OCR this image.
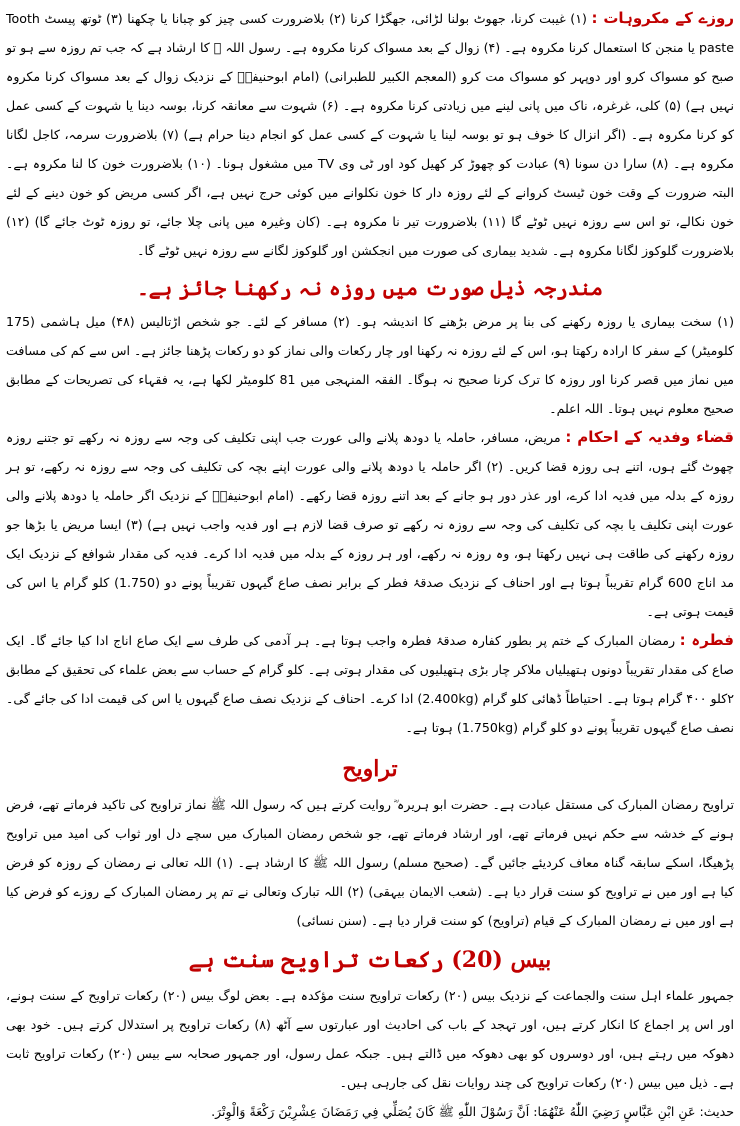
روزے کے مکروہات : (۱) غیبت کرنا، جھوٹ بولنا لڑائی، جھگڑا کرنا (۲) بلاضرورت کسی چیز کو چبانا یا چکھنا (۳) ٹوتھ پیسٹ Tooth paste یا منجن کا استعمال کرنا مکروہ ہے۔ (۴) زوال کے بعد مسواک کرنا مکروہ ہے۔ رسول اللہ ﷺ کا ارشاد ہے کہ جب تم روزہ سے ہو تو صبح کو مسواک کرو اور دوپہر کو مسواک مت کرو (المعجم الکبیر للطبرانی) (امام ابوحنیفہؒ کے نزدیک زوال کے بعد مسواک کرنا مکروہ نہیں ہے) (۵) کلی، غرغرہ، ناک میں پانی لینے میں زیادتی کرنا مکروہ ہے۔ (۶) شہوت سے معانقہ کرنا، بوسہ دینا یا شہوت کے کسی عمل کو کرنا مکروہ ہے۔ (اگر انزال کا خوف ہو تو بوسہ لینا یا شہوت کے کسی عمل کو انجام دینا حرام ہے) (۷) بلاضرورت سرمہ، کاجل لگانا مکروہ ہے۔ (۸) سارا دن سونا (۹) عبادت کو چھوڑ کر کھیل کود اور ٹی وی TV میں مشغول ہونا۔ (۱۰) بلاضرورت خون کا لنا مکروہ ہے۔ البتہ ضرورت کے وقت خون ٹیسٹ کروانے کے لئے روزہ دار کا خون نکلوانے میں کوئی حرج نہیں ہے، اگر کسی مریض کو خون دینے کے لئے خون نکالے، تو اس سے روزہ نہیں ٹوٹے گا (۱۱) بلاضرورت تیر نا مکروہ ہے۔ (کان وغیرہ میں پانی چلا جائے، تو روزہ ٹوٹ جائے گا) (۱۲) بلاضرورت گلوکوز لگانا مکروہ ہے۔ شدید بیماری کی صورت میں انجکشن اور گلوکوز لگانے سے روزہ نہیں ٹوٹے گا۔

مندرجہ ذیل صورت میں روزہ نہ رکھنا جائز ہے۔

(۱) سخت بیماری یا روزہ رکھنے کی بنا پر مرض بڑھنے کا اندیشہ ہو۔ (۲) مسافر کے لئے۔ جو شخص اڑتالیس (۴۸) میل ہاشمی (175 کلومیٹر) کے سفر کا ارادہ رکھتا ہو، اس کے لئے روزہ نہ رکھنا اور چار رکعات والی نماز کو دو رکعات پڑھنا جائز ہے۔ اس سے کم کی مسافت میں نماز میں قصر کرنا اور روزہ کا ترک کرنا صحیح نہ ہوگا۔ الفقہ المنہجی میں 81 کلومیٹر لکھا ہے، یہ فقہاء کی تصریحات کے مطابق صحیح معلوم نہیں ہوتا۔ اللہ اعلم۔

قضاء وفدیہ کے احکام : مریض، مسافر، حاملہ یا دودھ پلانے والی عورت جب اپنی تکلیف کی وجہ سے روزہ نہ رکھے تو جتنے روزہ چھوٹ گئے ہوں، اتنے ہی روزہ قضا کریں۔ (۲) اگر حاملہ یا دودھ پلانے والی عورت اپنے بچہ کی تکلیف کی وجہ سے روزہ نہ رکھے، تو ہر روزہ کے بدلہ میں فدیہ ادا کرے، اور عذر دور ہو جانے کے بعد اتنے روزہ قضا رکھے۔ (امام ابوحنیفہؒ کے نزدیک اگر حاملہ یا دودھ پلانے والی عورت اپنی تکلیف یا بچہ کی تکلیف کی وجہ سے روزہ نہ رکھے تو صرف قضا لازم ہے اور فدیہ واجب نہیں ہے) (۳) ایسا مریض یا بڑھا جو روزہ رکھنے کی طاقت ہی نہیں رکھتا ہو، وہ روزہ نہ رکھے، اور ہر روزہ کے بدلہ میں فدیہ ادا کرے۔ فدیہ کی مقدار شوافع کے نزدیک ایک مد اناج 600 گرام تقریباً ہوتا ہے اور احناف کے نزدیک صدقۂ فطر کے برابر نصف صاع گیہوں تقریباً پونے دو (1.750) کلو گرام یا اس کی قیمت ہوتی ہے۔

فطرہ : رمضان المبارک کے ختم پر بطور کفارہ صدقۂ فطرہ واجب ہوتا ہے۔ ہر آدمی کی طرف سے ایک صاع اناج ادا کیا جائے گا۔ ایک صاع کی مقدار تقریباً دونوں ہتھیلیاں ملاکر چار بڑی ہتھیلیوں کی مقدار ہوتی ہے۔ کلو گرام کے حساب سے بعض علماء کی تحقیق کے مطابق ۲کلو ۴۰۰ گرام ہوتا ہے۔ احتیاطاً ڈھائی کلو گرام (2.400kg) ادا کرے۔ احناف کے نزدیک نصف صاع گیہوں یا اس کی قیمت ادا کی جائے گی۔ نصف صاع گیہوں تقریباً پونے دو کلو گرام (1.750kg) ہوتا ہے۔

تراویح

تراویح رمضان المبارک کی مستقل عبادت ہے۔ حضرت ابو ہریرہ ؓ روایت کرتے ہیں کہ رسول اللہ ﷺ نماز تراویح کی تاکید فرماتے تھے، فرض ہونے کے خدشہ سے حکم نہیں فرماتے تھے، اور ارشاد فرماتے تھے، جو شخص رمضان المبارک میں سچے دل اور ثواب کی امید میں تراویح پڑھیگا، اسکے سابقہ گناہ معاف کردیئے جائیں گے۔ (صحیح مسلم) رسول اللہ ﷺ کا ارشاد ہے۔ (۱) اللہ تعالی نے رمضان کے روزہ کو فرض کیا ہے اور میں نے تراویح کو سنت قرار دیا ہے۔ (شعب الایمان بیہقی) (۲) اللہ تبارک وتعالی نے تم پر رمضان المبارک کے روزے کو فرض کیا ہے اور میں نے رمضان المبارک کے قیام (تراویح) کو سنت قرار دیا ہے۔ (سنن نسائی)

بیس (20) رکعات تراویح سنت ہے

جمہور علماء اہل سنت والجماعت کے نزدیک بیس (۲۰) رکعات تراویح سنت مؤکدہ ہے۔ بعض لوگ بیس (۲۰) رکعات تراویح کے سنت ہونے، اور اس پر اجماع کا انکار کرتے ہیں، اور تہجد کے باب کی احادیث اور عبارتوں سے آٹھ (۸) رکعات تراویح پر استدلال کرتے ہیں۔ خود بھی دھوکہ میں رہتے ہیں، اور دوسروں کو بھی دھوکہ میں ڈالتے ہیں۔ جبکہ عمل رسول، اور جمہور صحابہ سے بیس (۲۰) رکعات تراویح ثابت ہے۔ ذیل میں بیس (۲۰) رکعات تراویح کی چند روایات نقل کی جارہی ہیں۔

حدیث: عَنِ ابْنِ عَبَّاسٍ رَضِيَ اللّٰهُ عَنْهُمَا: اَنَّ رَسُوْلَ اللّٰهِ ﷺ كَانَ يُصَلِّي فِي رَمَضَانَ عِشْرِيْنَ رَكْعَةً وَالْوِتْرَ.
